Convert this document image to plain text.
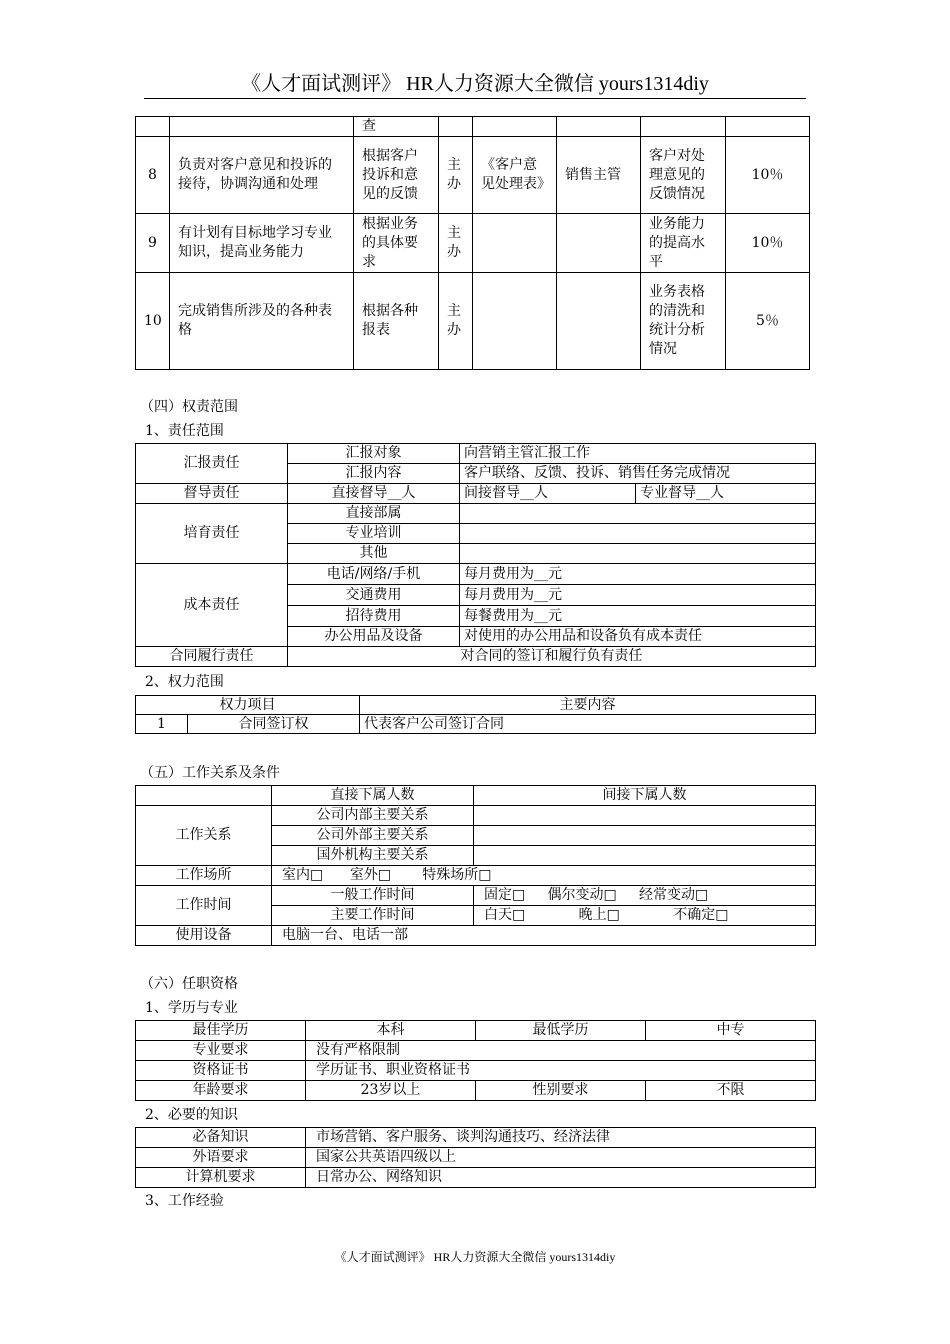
《人才面试测评》 HR人力资源大全微信 yours1314diy
		查					
8	负责对客户意见和投诉的接待，协调沟通和处理	根据客户投诉和意见的反馈	主办	《客户意见处理表》	销售主管	客户对处理意见的反馈情况	10％
9	有计划有目标地学习专业知识，提高业务能力	根据业务的具体要求	主办			业务能力的提高水平	10％
10	完成销售所涉及的各种表格	根据各种报表	主办			业务表格的清洗和统计分析情况	5％
（四）权责范围
1、责任范围
汇报责任	汇报对象	向营销主管汇报工作	
	汇报内容	客户联络、反馈、投诉、销售任务完成情况	
督导责任	直接督导__人	间接督导__人	专业督导__人
培育责任	直接部属		
	专业培训		
	其他		
成本责任	电话/网络/手机	每月费用为__元	
	交通费用	每月费用为__元	
	招待费用	每餐费用为__元	
	办公用品及设备	对使用的办公用品和设备负有成本责任	
合同履行责任	对合同的签订和履行负有责任		
2、权力范围
权力项目		主要内容
1	合同签订权	代表客户公司签订合同
（五）工作关系及条件
	直接下属人数	间接下属人数
工作关系	公司内部主要关系	
	公司外部主要关系	
	国外机构主要关系	
工作场所	室内□      室外□       特殊场所□	
工作时间	一般工作时间	固定□     偶尔变动□     经常变动□
	主要工作时间	白天□            晚上□            不确定□
使用设备	电脑一台、电话一部	
（六）任职资格
1、学历与专业
最佳学历	本科	最低学历	中专
专业要求	没有严格限制		
资格证书	学历证书、职业资格证书		
年龄要求	23岁以上	性别要求	不限
2、必要的知识
必备知识	市场营销、客户服务、谈判沟通技巧、经济法律
外语要求	国家公共英语四级以上
计算机要求	日常办公、网络知识
3、工作经验
《人才面试测评》 HR人力资源大全微信 yours1314diy
